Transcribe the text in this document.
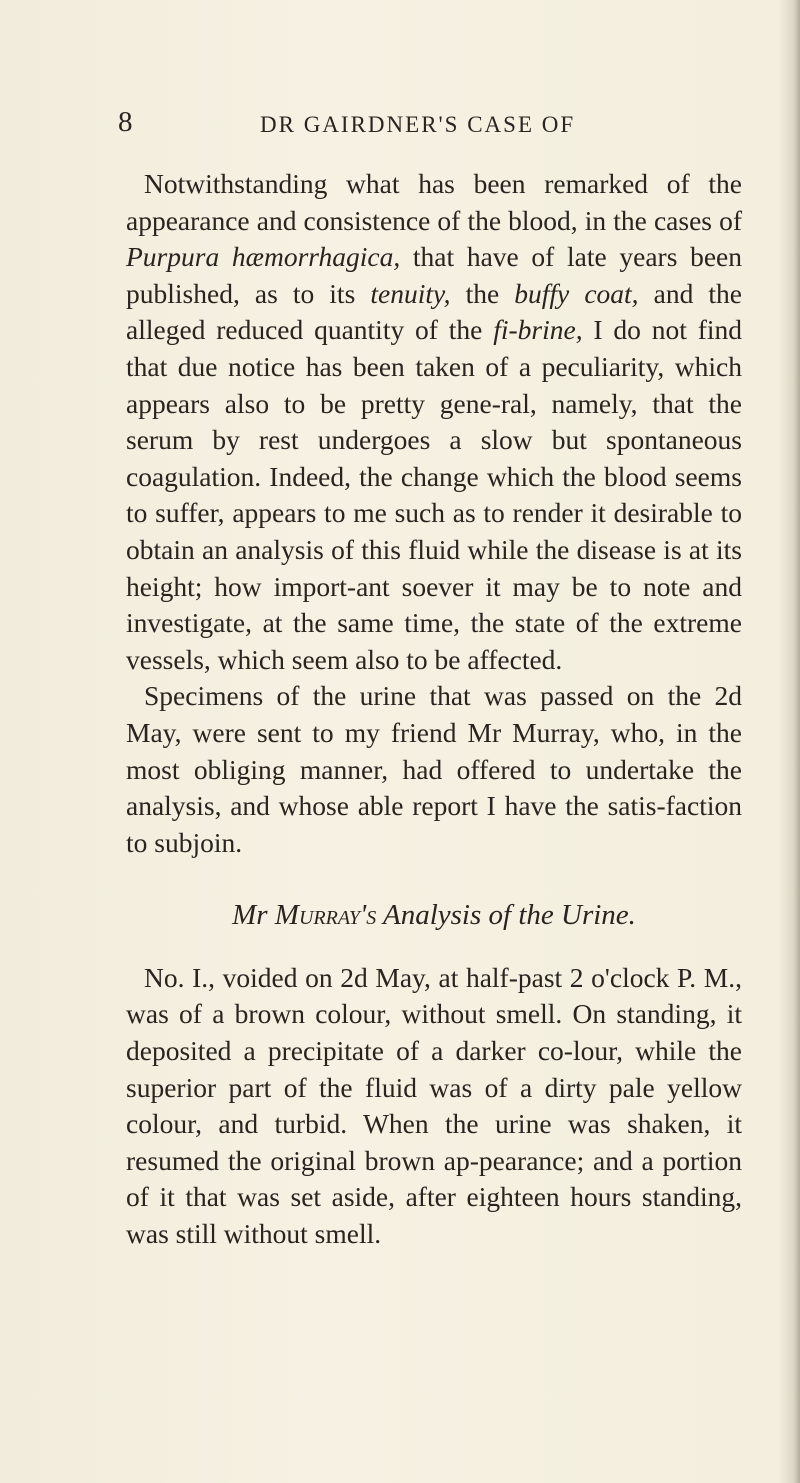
8	DR GAIRDNER'S CASE OF

Notwithstanding what has been remarked of the appearance and consistence of the blood, in the cases of Purpura hæmorrhagica, that have of late years been published, as to its tenuity, the buffy coat, and the alleged reduced quantity of the fi-brine, I do not find that due notice has been taken of a peculiarity, which appears also to be pretty gene-ral, namely, that the serum by rest undergoes a slow but spontaneous coagulation. Indeed, the change which the blood seems to suffer, appears to me such as to render it desirable to obtain an analysis of this fluid while the disease is at its height; how import-ant soever it may be to note and investigate, at the same time, the state of the extreme vessels, which seem also to be affected.

Specimens of the urine that was passed on the 2d May, were sent to my friend Mr Murray, who, in the most obliging manner, had offered to undertake the analysis, and whose able report I have the satis-faction to subjoin.

Mr Murray's Analysis of the Urine.

No. I., voided on 2d May, at half-past 2 o'clock P. M., was of a brown colour, without smell. On standing, it deposited a precipitate of a darker co-lour, while the superior part of the fluid was of a dirty pale yellow colour, and turbid. When the urine was shaken, it resumed the original brown ap-pearance; and a portion of it that was set aside, after eighteen hours standing, was still without smell.
